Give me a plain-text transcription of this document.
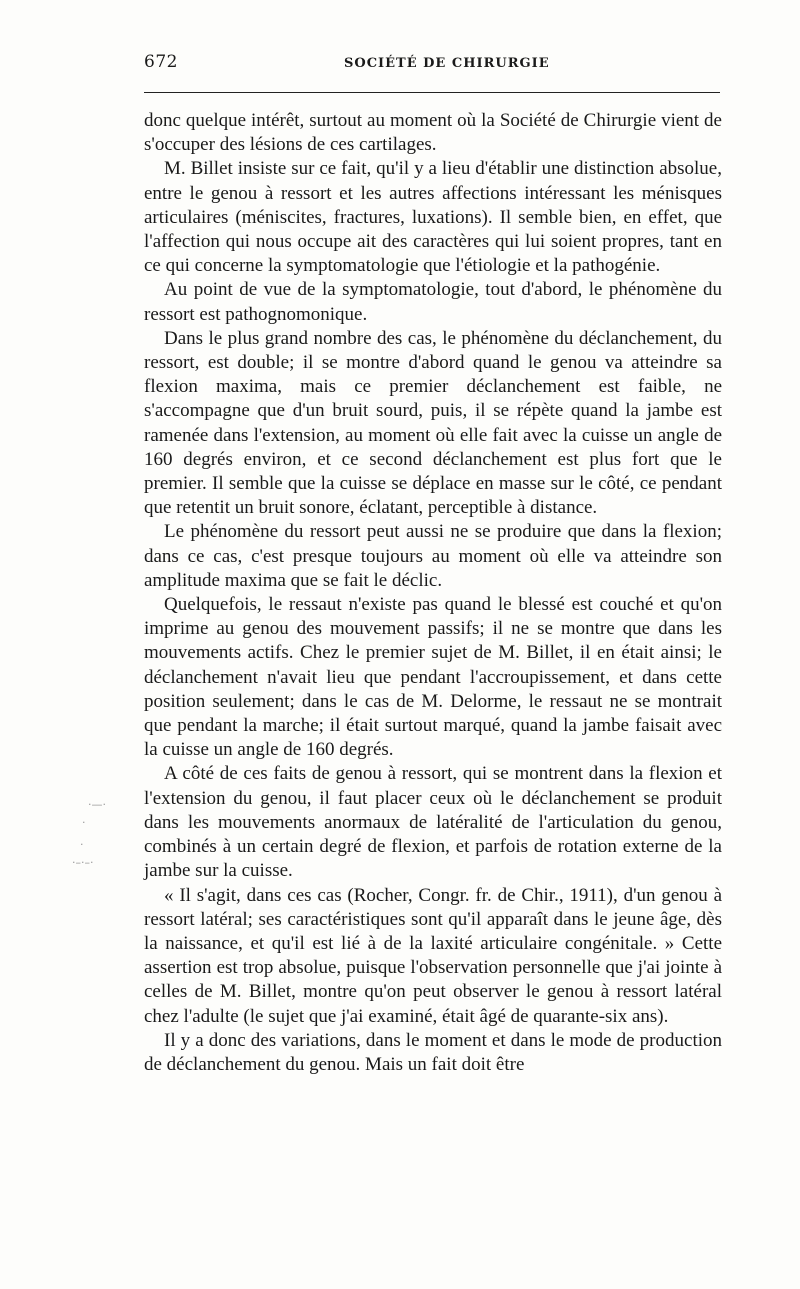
672	SOCIÉTÉ DE CHIRURGIE

donc quelque intérêt, surtout au moment où la Société de Chirurgie vient de s'occuper des lésions de ces cartilages.

M. Billet insiste sur ce fait, qu'il y a lieu d'établir une distinction absolue, entre le genou à ressort et les autres affections intéressant les ménisques articulaires (méniscites, fractures, luxations). Il semble bien, en effet, que l'affection qui nous occupe ait des caractères qui lui soient propres, tant en ce qui concerne la symptomatologie que l'étiologie et la pathogénie.

Au point de vue de la symptomatologie, tout d'abord, le phénomène du ressort est pathognomonique.

Dans le plus grand nombre des cas, le phénomène du déclanchement, du ressort, est double; il se montre d'abord quand le genou va atteindre sa flexion maxima, mais ce premier déclanchement est faible, ne s'accompagne que d'un bruit sourd, puis, il se répète quand la jambe est ramenée dans l'extension, au moment où elle fait avec la cuisse un angle de 160 degrés environ, et ce second déclanchement est plus fort que le premier. Il semble que la cuisse se déplace en masse sur le côté, ce pendant que retentit un bruit sonore, éclatant, perceptible à distance.

Le phénomène du ressort peut aussi ne se produire que dans la flexion; dans ce cas, c'est presque toujours au moment où elle va atteindre son amplitude maxima que se fait le déclic.

Quelquefois, le ressaut n'existe pas quand le blessé est couché et qu'on imprime au genou des mouvement passifs; il ne se montre que dans les mouvements actifs. Chez le premier sujet de M. Billet, il en était ainsi; le déclanchement n'avait lieu que pendant l'accroupissement, et dans cette position seulement; dans le cas de M. Delorme, le ressaut ne se montrait que pendant la marche; il était surtout marqué, quand la jambe faisait avec la cuisse un angle de 160 degrés.

A côté de ces faits de genou à ressort, qui se montrent dans la flexion et l'extension du genou, il faut placer ceux où le déclanchement se produit dans les mouvements anormaux de latéralité de l'articulation du genou, combinés à un certain degré de flexion, et parfois de rotation externe de la jambe sur la cuisse.

« Il s'agit, dans ces cas (Rocher, Congr. fr. de Chir., 1911), d'un genou à ressort latéral; ses caractéristiques sont qu'il apparaît dans le jeune âge, dès la naissance, et qu'il est lié à de la laxité articulaire congénitale. » Cette assertion est trop absolue, puisque l'observation personnelle que j'ai jointe à celles de M. Billet, montre qu'on peut observer le genou à ressort latéral chez l'adulte (le sujet que j'ai examiné, était âgé de quarante-six ans).

Il y a donc des variations, dans le moment et dans le mode de production de déclanchement du genou. Mais un fait doit être

·—·
·
·
·–·–·
